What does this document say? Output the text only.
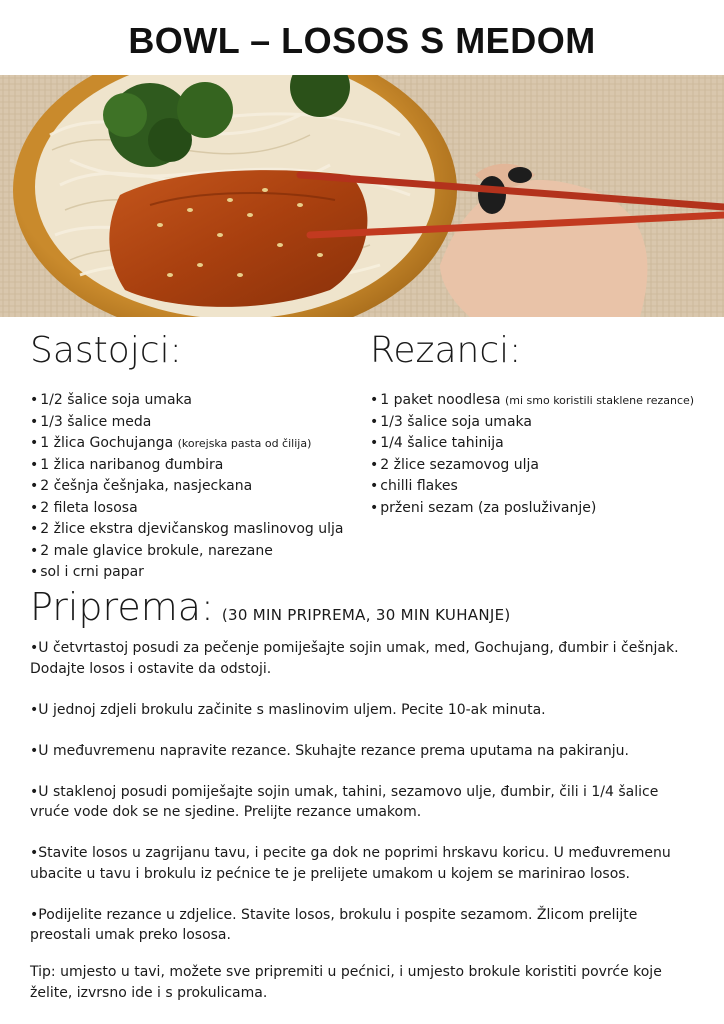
BOWL – LOSOS S MEDOM
Sastojci:
• 1/2 šalice soja umaka
• 1/3 šalice meda
• 1 žlica Gochujanga (korejska pasta od čilija)
• 1 žlica naribanog đumbira
• 2 češnja češnjaka, nasjeckana
• 2 fileta lososa
• 2 žlice ekstra djevičanskog maslinovog ulja
• 2 male glavice brokule, narezane
• sol i crni papar
Rezanci:
• 1 paket noodlesa (mi smo koristili staklene rezance)
• 1/3 šalice soja umaka
• 1/4 šalice tahinija
• 2 žlice sezamovog ulja
• chilli flakes
• prženi sezam (za posluživanje)
Priprema: (30 MIN PRIPREMA, 30 MIN KUHANJE)

•U četvrtastoj posudi za pečenje pomiješajte sojin umak, med, Gochujang, đumbir i češnjak. Dodajte losos i ostavite da odstoji.

•U jednoj zdjeli brokulu začinite s maslinovim uljem. Pecite 10-ak minuta.

•U međuvremenu napravite rezance. Skuhajte rezance prema uputama na pakiranju.

•U staklenoj posudi pomiješajte sojin umak, tahini, sezamovo ulje, đumbir, čili i 1/4 šalice vruće vode dok se ne sjedine. Prelijte rezance umakom.

•Stavite losos u zagrijanu tavu, i pecite ga dok ne poprimi hrskavu koricu. U međuvremenu ubacite u tavu i brokulu iz pećnice te je prelijete umakom u kojem se marinirao losos.

•Podijelite rezance u zdjelice. Stavite losos, brokulu i pospite sezamom. Žlicom prelijte preostali umak preko lososa.

Tip: umjesto u tavi, možete sve pripremiti u pećnici, i umjesto brokule koristiti povrće koje želite, izvrsno ide i s prokulicama.
